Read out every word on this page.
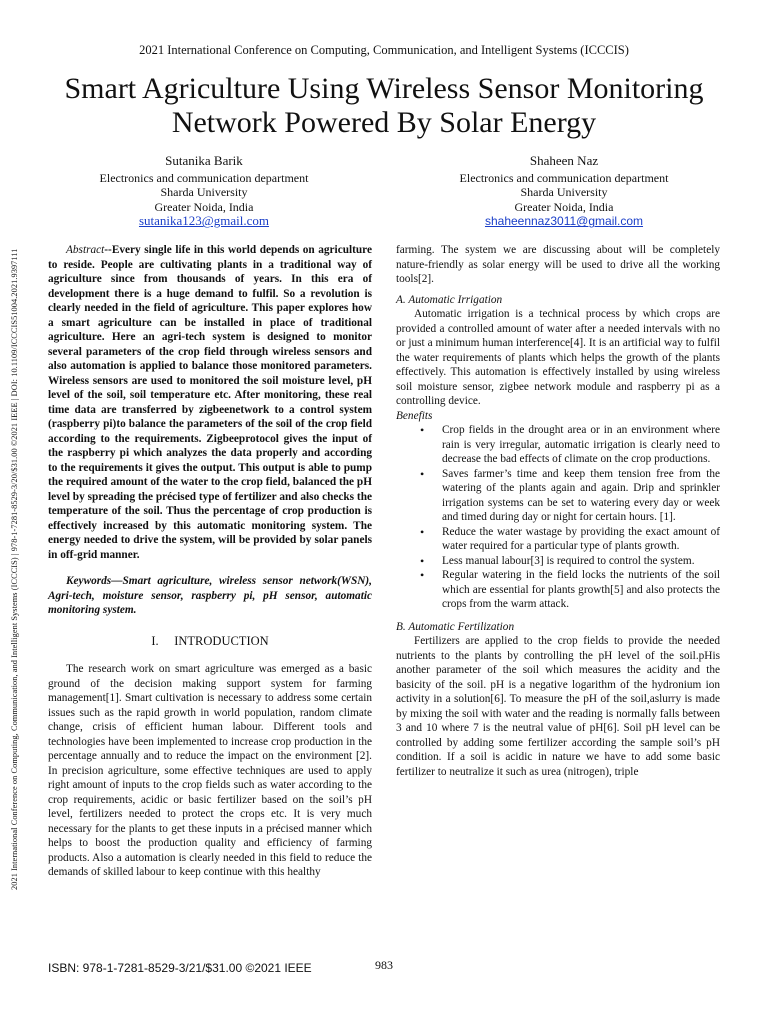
2021 International Conference on Computing, Communication, and Intelligent Systems (ICCCIS) | 978-1-7281-8529-3/20/$31.00 ©2021 IEEE | DOI: 10.1109/ICCCIS51004.2021.9397111
2021 International Conference on Computing, Communication, and Intelligent Systems (ICCCIS)
Smart Agriculture Using Wireless Sensor Monitoring
Network Powered By Solar Energy
Sutanika Barik
Electronics and communication department
Sharda University
Greater Noida, India
sutanika123@gmail.com
Shaheen Naz
Electronics and communication department
Sharda University
Greater Noida, India
shaheennaz3011@gmail.com

Abstract--Every single life in this world depends on agriculture to reside. People are cultivating plants in a traditional way of agriculture since from thousands of years. In this era of development there is a huge demand to fulfil. So a revolution is clearly needed in the field of agriculture. This paper explores how a smart agriculture can be installed in place of traditional agriculture. Here an agri-tech system is designed to monitor several parameters of the crop field through wireless sensors and also automation is applied to balance those monitored parameters. Wireless sensors are used to monitored the soil moisture level, pH level of the soil, soil temperature etc. After monitoring, these real time data are transferred by zigbeenetwork to a control system (raspberry pi)to balance the parameters of the soil of the crop field according to the requirements. Zigbeeprotocol gives the input of the raspberry pi which analyzes the data properly and according to the requirements it gives the output. This output is able to pump the required amount of the water to the crop field, balanced the pH level by spreading the précised type of fertilizer and also checks the temperature of the soil. Thus the percentage of crop production is effectively increased by this automatic monitoring system. The energy needed to drive the system, will be provided by solar panels in off-grid manner.

Keywords—Smart agriculture, wireless sensor network(WSN), Agri-tech, moisture sensor, raspberry pi, pH sensor, automatic monitoring system.

I.     INTRODUCTION

The research work on smart agriculture was emerged as a basic ground of the decision making support system for farming management[1]. Smart cultivation is necessary to address some certain issues such as the rapid growth in world population, random climate change, crisis of efficient human labour. Different tools and technologies have been implemented to increase crop production in the percentage annually and to reduce the impact on the environment [2]. In precision agriculture, some effective techniques are used to apply right amount of inputs to the crop fields such as water according to the crop requirements, acidic or basic fertilizer based on the soil’s pH level, fertilizers needed to protect the crops etc. It is very much necessary for the plants to get these inputs in a précised manner which helps to boost the production quality and efficiency of farming products. Also a automation is clearly needed in this field to reduce the demands of skilled labour to keep continue with this healthy

farming. The system we are discussing about will be completely nature-friendly as solar energy will be used to drive all the working tools[2].

A. Automatic Irrigation

Automatic irrigation is a technical process by which crops are provided a controlled amount of water after a needed intervals with no or just a minimum human interference[4]. It is an artificial way to fulfil the water requirements of plants which helps the growth of the plants effectively. This automation is effectively installed by using wireless soil moisture sensor, zigbee network module and raspberry pi as a controlling device.

Benefits

• Crop fields in the drought area or in an environment where rain is very irregular, automatic irrigation is clearly need to decrease the bad effects of climate on the crop productions.
• Saves farmer’s time and keep them tension free from the watering of the plants again and again. Drip and sprinkler irrigation systems can be set to watering every day or week and timed during day or night for certain hours. [1].
• Reduce the water wastage by providing the exact amount of water required for a particular type of plants growth.
• Less manual labour[3] is required to control the system.
• Regular watering in the field locks the nutrients of the soil which are essential for plants growth[5] and also protects the crops from the warm attack.

B. Automatic Fertilization

Fertilizers are applied to the crop fields to provide the needed nutrients to the plants by controlling the pH level of the soil.pHis another parameter of the soil which measures the acidity and the basicity of the soil. pH is a negative logarithm of the hydronium ion activity in a solution[6]. To measure the pH of the soil,aslurry is made by mixing the soil with water and the reading is normally falls between 3 and 10 where 7 is the neutral value of pH[6]. Soil pH level can be controlled by adding some fertilizer according the sample soil’s pH condition. If a soil is acidic in nature we have to add some basic fertilizer to neutralize it such as urea (nitrogen), triple

ISBN: 978-1-7281-8529-3/21/$31.00 ©2021 IEEE	983
